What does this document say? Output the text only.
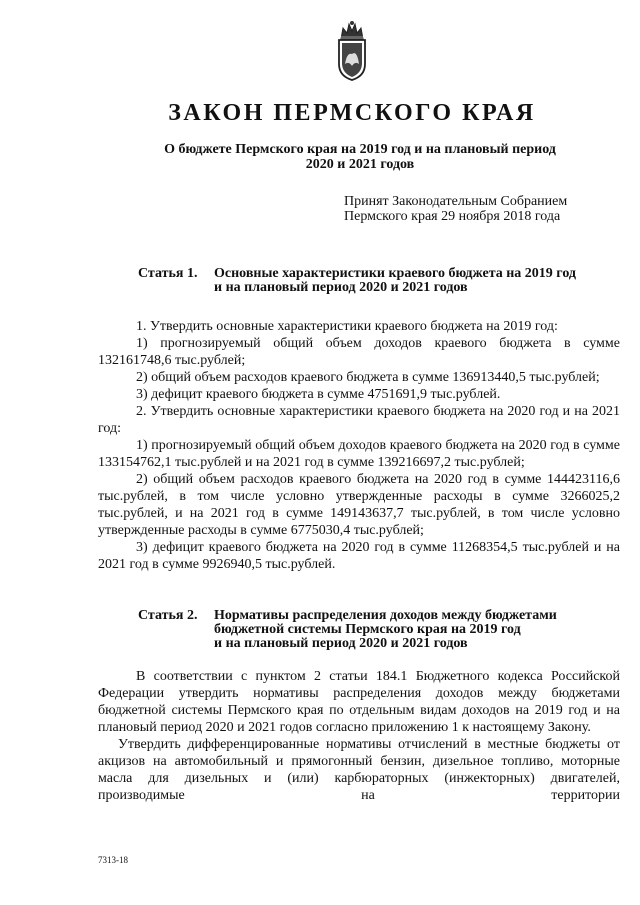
ЗАКОН ПЕРМСКОГО КРАЯ
О бюджете Пермского края на 2019 год и на плановый период
2020 и 2021 годов
Принят Законодательным Собранием
Пермского края 29 ноября 2018 года
Статья 1. Основные характеристики краевого бюджета на 2019 год
и на плановый период 2020 и 2021 годов

1. Утвердить основные характеристики краевого бюджета на 2019 год:

1) прогнозируемый общий объем доходов краевого бюджета в сумме 132161748,6 тыс.рублей;

2) общий объем расходов краевого бюджета в сумме 136913440,5 тыс.рублей;

3) дефицит краевого бюджета в сумме 4751691,9 тыс.рублей.

2. Утвердить основные характеристики краевого бюджета на 2020 год и на 2021 год:

1) прогнозируемый общий объем доходов краевого бюджета на 2020 год в сумме 133154762,1 тыс.рублей и на 2021 год в сумме 139216697,2 тыс.рублей;

2) общий объем расходов краевого бюджета на 2020 год в сумме 144423116,6 тыс.рублей, в том числе условно утвержденные расходы в сумме 3266025,2 тыс.рублей, и на 2021 год в сумме 149143637,7 тыс.рублей, в том числе условно утвержденные расходы в сумме 6775030,4 тыс.рублей;

3) дефицит краевого бюджета на 2020 год в сумме 11268354,5 тыс.рублей и на 2021 год в сумме 9926940,5 тыс.рублей.

Статья 2. Нормативы распределения доходов между бюджетами
бюджетной системы Пермского края на 2019 год
и на плановый период 2020 и 2021 годов

В соответствии с пунктом 2 статьи 184.1 Бюджетного кодекса Российской Федерации утвердить нормативы распределения доходов между бюджетами бюджетной системы Пермского края по отдельным видам доходов на 2019 год и на плановый период 2020 и 2021 годов согласно приложению 1 к настоящему Закону.

Утвердить дифференцированные нормативы отчислений в местные бюджеты от акцизов на автомобильный и прямогонный бензин, дизельное топливо, моторные масла для дизельных и (или) карбюраторных (инжекторных) двигателей, производимые на территории

7313-18
